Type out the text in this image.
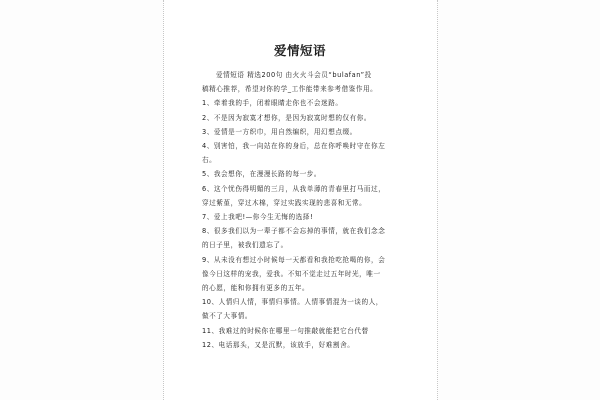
爱情短语

爱情短语 精选200句 由火火斗会员“bulafan”投

稿精心推荐，希望对你的学_工作能带来参考借鉴作用。

1、牵着我的手，闭着眼睛走你也不会迷路。

2、不是因为寂寞才想你，是因为寂寞时想的仅有你。

3、爱情是一方织巾，用自然编织，用幻想点缀。

4、别害怕，我一向站在你的身后，总在你呼唤时守在你左

右。

5、我会想你，在漫漫长路的每一步。

6、这个忧伤得明媚的三月，从我单薄的青春里打马而过，

穿过紫堇，穿过木棉，穿过实践实现的悲喜和无常。

7、爱上我吧!—你今生无悔的选择!

8、很多我们以为一辈子都不会忘掉的事情，就在我们念念

的日子里，被我们遗忘了。

9、从未没有想过小时候每一天都看和我抢吃抢喝的你，会

像今日这样的宠我，爱我。不知不觉走过五年时光，唯一

的心愿，能和你拥有更多的五年。

10、人情归人情，事情归事情。人情事情混为一谈的人，

做不了大事情。

11、我难过的时候你在哪里一句推敲就能把它台代替

12、电话那头，又是沉默，该放手，好难割舍。
